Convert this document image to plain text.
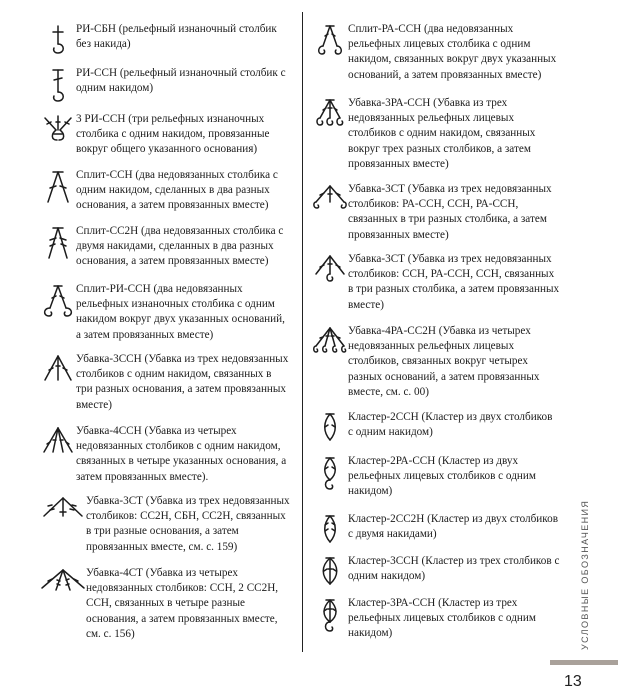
РИ-СБН (рельефный изнаночный столбик без накида)
РИ-ССН (рельефный изнаночный столбик с одним накидом)
3 РИ-ССН (три рельефных изнаночных столбика с одним накидом, провязанные вокруг общего указанного основания)
Сплит-ССН (два недовязанных столбика с одним накидом, сделанных в два разных основания, а затем провязанных вместе)
Сплит-СС2Н (два недовязанных столбика с двумя накидами, сделанных в два разных основания, а затем провязанных вместе)
Сплит-РИ-ССН (два недовязанных рельефных изнаночных столбика с одним накидом вокруг двух указанных оснований, а затем провязанных вместе)
Убавка-3ССН (Убавка из трех недовязанных столбиков с одним накидом, связанных в три разных основания, а затем провязанных вместе)
Убавка-4ССН (Убавка из четырех недовязанных столбиков с одним накидом, связанных в четыре указанных основания, а затем провязанных вместе).
Убавка-3СТ (Убавка из трех недовязанных столбиков: СС2Н, СБН, СС2Н, связанных в три разные основания, а затем провязанных вместе, см. с. 159)
Убавка-4СТ (Убавка из четырех недовязанных столбиков: ССН, 2 СС2Н, ССН, связанных в четыре разные основания, а затем провязанных вместе, см. с. 156)
Сплит-РА-ССН (два недовязанных рельефных лицевых столбика с одним накидом, связанных вокруг двух указанных оснований, а затем провязанных вместе)
Убавка-3РА-ССН (Убавка из трех недовязанных рельефных лицевых столбиков с одним накидом, связанных вокруг трех разных столбиков, а затем провязанных вместе)
Убавка-3СТ (Убавка из трех недовязанных столбиков: РА-ССН, ССН, РА-ССН, связанных в три разных столбика, а затем провязанных вместе)
Убавка-3СТ (Убавка из трех недовязанных столбиков: ССН, РА-ССН, ССН, связанных в три разных столбика, а затем провязанных вместе)
Убавка-4РА-СС2Н (Убавка из четырех недовязанных рельефных лицевых столбиков, связанных вокруг четырех разных оснований, а затем провязанных вместе, см. с. 00)
Кластер-2ССН (Кластер из двух столбиков с одним накидом)
Кластер-2РА-ССН (Кластер из двух рельефных лицевых столбиков с одним накидом)
Кластер-2СС2Н (Кластер из двух столбиков с двумя накидами)
Кластер-3ССН (Кластер из трех столбиков с одним накидом)
Кластер-3РА-ССН (Кластер из трех рельефных лицевых столбиков с одним накидом)	УСЛОВНЫЕ ОБОЗНАЧЕНИЯ
13
